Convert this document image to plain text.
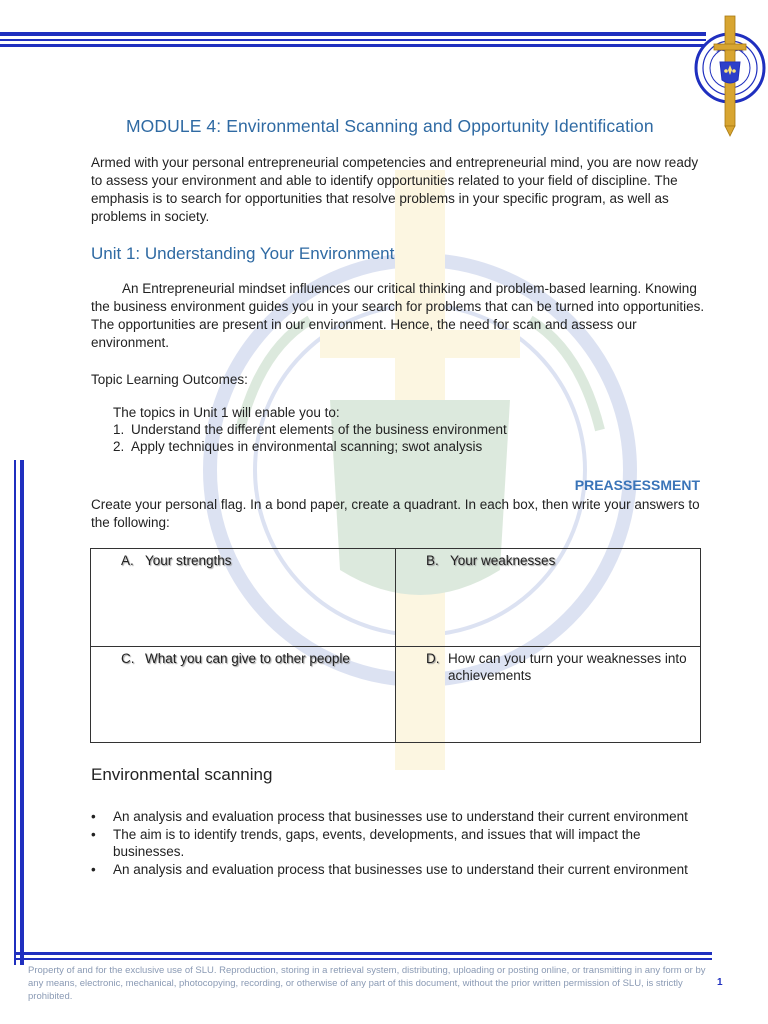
MODULE 4: Environmental Scanning and Opportunity Identification
Armed with your personal entrepreneurial competencies and entrepreneurial mind, you are now ready to assess your environment and able to identify opportunities related to your field of discipline. The emphasis is to search for opportunities that resolve problems in your specific program, as well as problems in society.
Unit 1: Understanding Your Environment
An Entrepreneurial mindset influences our critical thinking and problem-based learning. Knowing the business environment guides you in your search for problems that can be turned into opportunities. The opportunities are present in our environment. Hence, the need for scan and assess our environment.
Topic Learning Outcomes:
The topics in Unit 1 will enable you to:
1. Understand the different elements of the business environment
2. Apply techniques in environmental scanning; swot analysis
PREASSESSMENT
Create your personal flag. In a bond paper, create a quadrant. In each box, then write your answers to the following:
A. Your strengths	B. Your weaknesses

C. What you can give to other people	D. How can you turn your weaknesses into achievements
Environmental scanning
• An analysis and evaluation process that businesses use to understand their current environment
• The aim is to identify trends, gaps, events, developments, and issues that will impact the businesses.
• An analysis and evaluation process that businesses use to understand their current environment
Property of and for the exclusive use of SLU. Reproduction, storing in a retrieval system, distributing, uploading or posting online, or transmitting in any form or by any means, electronic, mechanical, photocopying, recording, or otherwise of any part of this document, without the prior written permission of SLU, is strictly prohibited.
1
